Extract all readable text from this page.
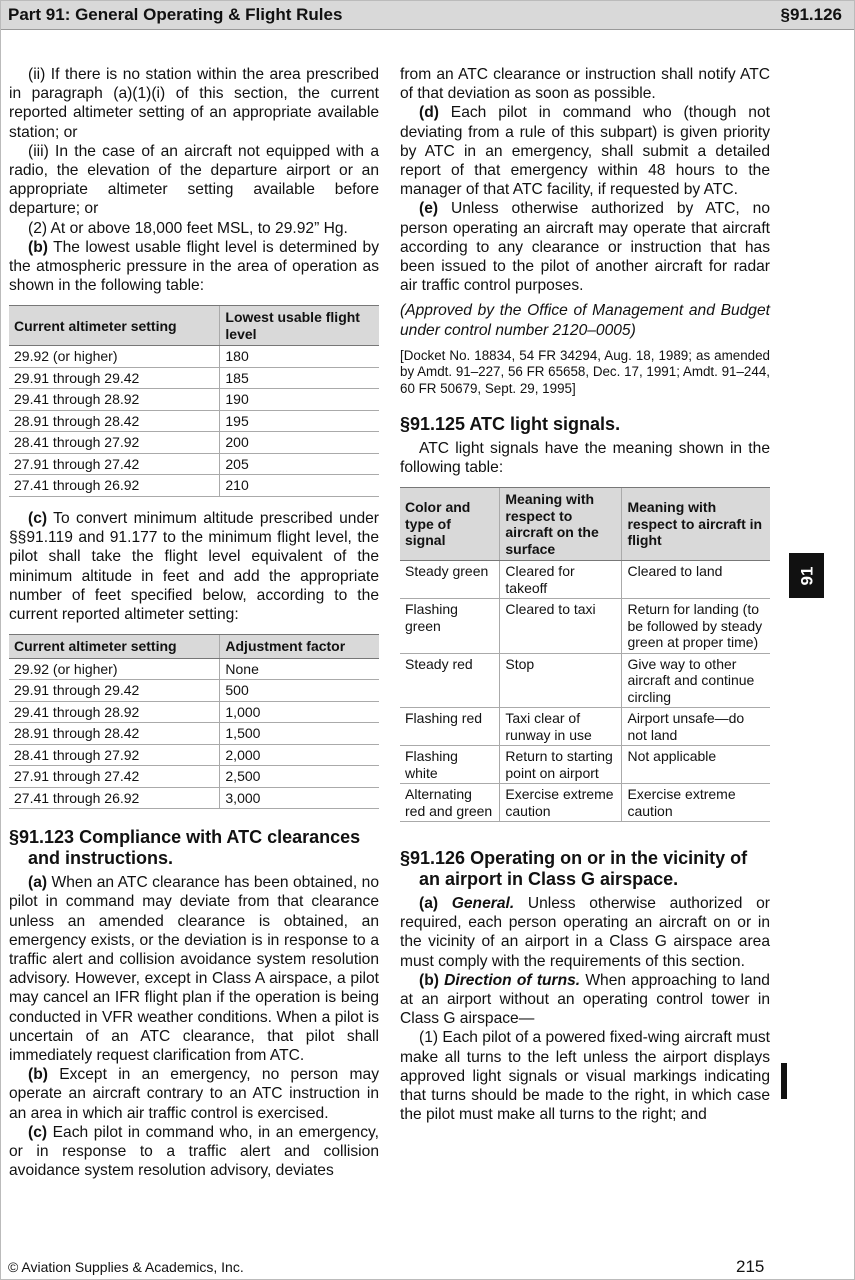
Part 91: General Operating & Flight Rules	§91.126

(ii) If there is no station within the area prescribed in paragraph (a)(1)(i) of this section, the current reported altimeter setting of an appropriate available station; or

(iii) In the case of an aircraft not equipped with a radio, the elevation of the departure airport or an appropriate altimeter setting available before departure; or

(2) At or above 18,000 feet MSL, to 29.92” Hg.

(b) The lowest usable flight level is determined by the atmospheric pressure in the area of operation as shown in the following table:

Current altimeter setting	Lowest usable flight level
29.92 (or higher)	180
29.91 through 29.42	185
29.41 through 28.92	190
28.91 through 28.42	195
28.41 through 27.92	200
27.91 through 27.42	205
27.41 through 26.92	210

(c) To convert minimum altitude prescribed under §§91.119 and 91.177 to the minimum flight level, the pilot shall take the flight level equivalent of the minimum altitude in feet and add the appropriate number of feet specified below, according to the current reported altimeter setting:

Current altimeter setting	Adjustment factor
29.92 (or higher)	None
29.91 through 29.42	500
29.41 through 28.92	1,000
28.91 through 28.42	1,500
28.41 through 27.92	2,000
27.91 through 27.42	2,500
27.41 through 26.92	3,000
§91.123 Compliance with ATC clearances and instructions.

(a) When an ATC clearance has been obtained, no pilot in command may deviate from that clearance unless an amended clearance is obtained, an emergency exists, or the deviation is in response to a traffic alert and collision avoidance system resolution advisory. However, except in Class A airspace, a pilot may cancel an IFR flight plan if the operation is being conducted in VFR weather conditions. When a pilot is uncertain of an ATC clearance, that pilot shall immediately request clarification from ATC.

(b) Except in an emergency, no person may operate an aircraft contrary to an ATC instruction in an area in which air traffic control is exercised.

(c) Each pilot in command who, in an emergency, or in response to a traffic alert and collision avoidance system resolution advisory, deviates

from an ATC clearance or instruction shall notify ATC of that deviation as soon as possible.

(d) Each pilot in command who (though not deviating from a rule of this subpart) is given priority by ATC in an emergency, shall submit a detailed report of that emergency within 48 hours to the manager of that ATC facility, if requested by ATC.

(e) Unless otherwise authorized by ATC, no person operating an aircraft may operate that aircraft according to any clearance or instruction that has been issued to the pilot of another aircraft for radar air traffic control purposes.

(Approved by the Office of Management and Budget under control number 2120–0005)

[Docket No. 18834, 54 FR 34294, Aug. 18, 1989; as amended by Amdt. 91–227, 56 FR 65658, Dec. 17, 1991; Amdt. 91–244, 60 FR 50679, Sept. 29, 1995]

§91.125 ATC light signals.

ATC light signals have the meaning shown in the following table:

Color and type of signal	Meaning with respect to aircraft on the surface	Meaning with respect to aircraft in flight
Steady green	Cleared for takeoff	Cleared to land
Flashing green	Cleared to taxi	Return for landing (to be followed by steady green at proper time)
Steady red	Stop	Give way to other aircraft and continue circling
Flashing red	Taxi clear of runway in use	Airport unsafe—do not land
Flashing white	Return to starting point on airport	Not applicable
Alternating red and green	Exercise extreme caution	Exercise extreme caution
§91.126 Operating on or in the vicinity of an airport in Class G airspace.

(a) General. Unless otherwise authorized or required, each person operating an aircraft on or in the vicinity of an airport in a Class G airspace area must comply with the requirements of this section.

(b) Direction of turns. When approaching to land at an airport without an operating control tower in Class G airspace—

(1) Each pilot of a powered fixed-wing aircraft must make all turns to the left unless the airport displays approved light signals or visual markings indicating that turns should be made to the right, in which case the pilot must make all turns to the right; and

91
© Aviation Supplies & Academics, Inc.	215
